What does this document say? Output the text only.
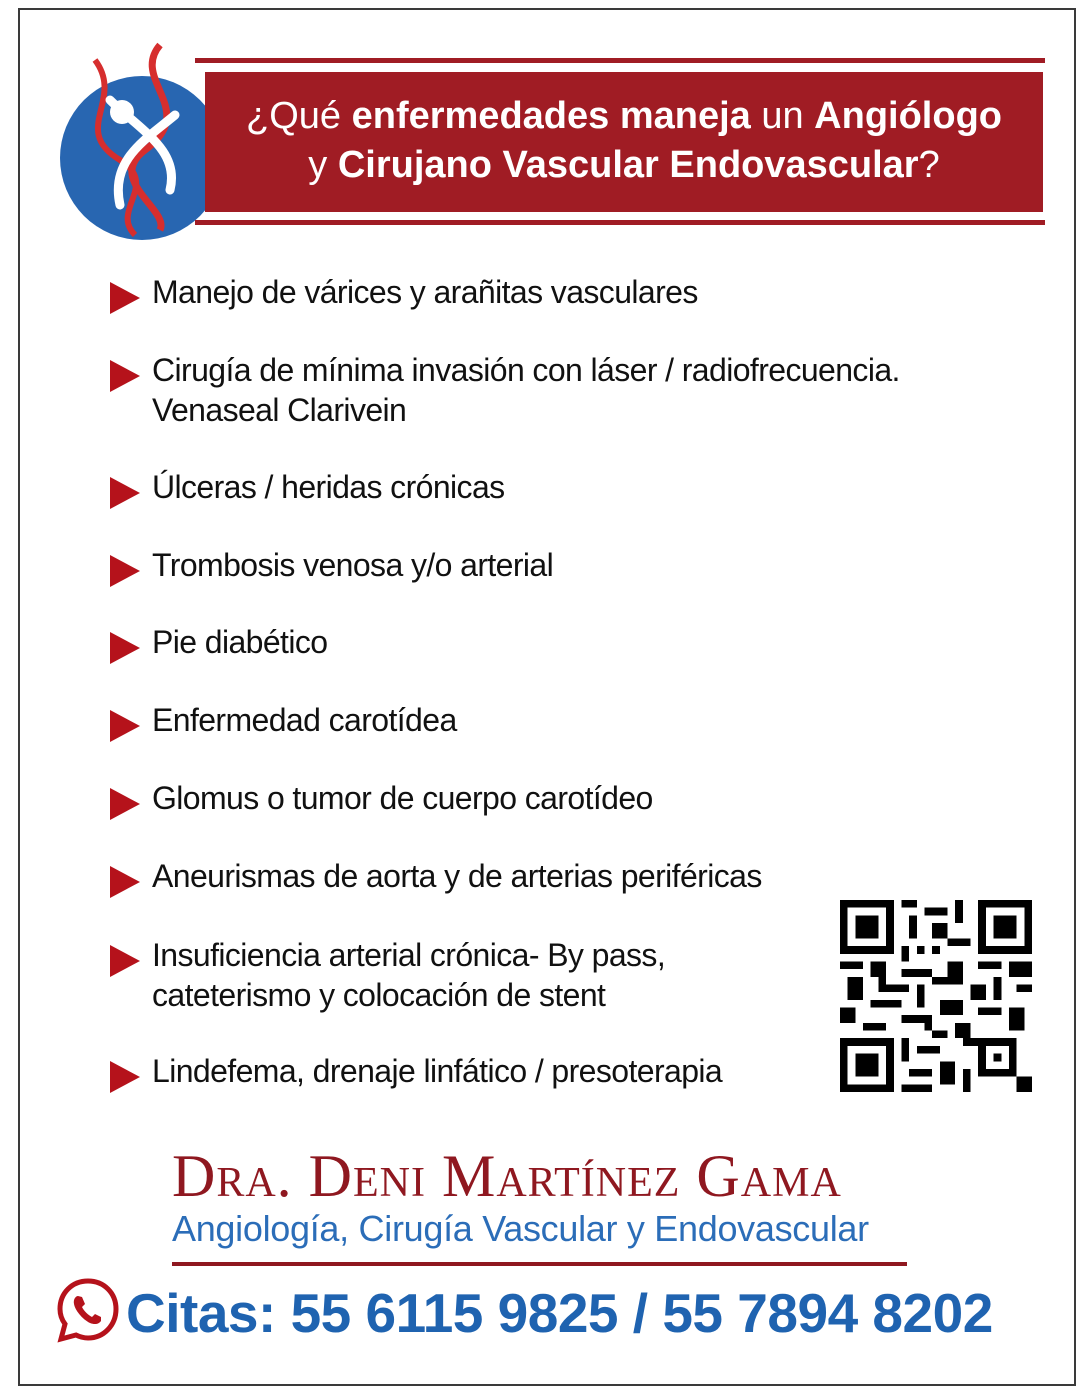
¿Qué enfermedades maneja un Angiólogo
y Cirujano Vascular Endovascular?
Manejo de várices y arañitas vasculares
Cirugía de mínima invasión con láser / radiofrecuencia.
Venaseal Clarivein
Úlceras / heridas crónicas
Trombosis venosa y/o arterial
Pie diabético
Enfermedad carotídea
Glomus o tumor de cuerpo carotídeo
Aneurismas de aorta y de arterias periféricas
Insuficiencia arterial crónica- By pass,
cateterismo y colocación de stent
Lindefema, drenaje linfático / presoterapia
Dra. Deni Martínez Gama
Angiología, Cirugía Vascular y Endovascular
Citas: 55 6115 9825 / 55 7894 8202
